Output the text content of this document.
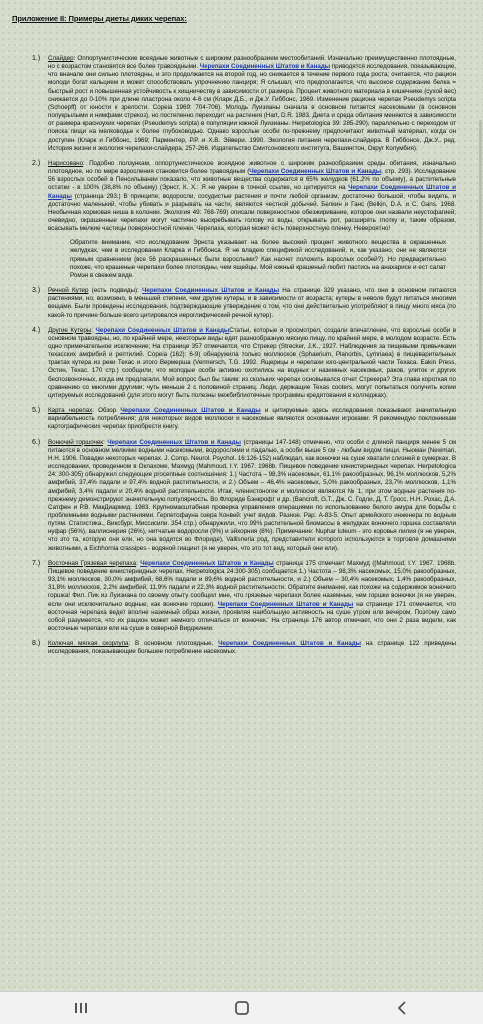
Приложение II: Примеры диеты диких черепах:
1.) Слайдер: Оппортунистические всеядные животные с широким разнообразием местообитаний. Изначально преимущественно плотоядные, но с возрастом становятся все более травоядными. Черепахи Соединенных Штатов и Канады приводятся исследования, показывающие, что вначале они сильно плотоядны, и это продолжается на второй год, но снижается в течение первого года роста; считается, что рацион молоди богат кальцием и может способствовать упрочнению панциря; Я слышал, что предполагается, что высокое содержание белка = быстрый рост и повышенная устойчивость к хищничеству в зависимости от размера. Процент животного материала в кишечнике (сухой вес) снижается до 0-10% при длине пластрона около 4-6 см (Кларк Д.Б., и Дж.У. Гиббонс, 1969. Изменение рациона черепах Pseudemys scripta (Schoepff) от юности к зрелости. Copeia 1969: 704-706). Молодь Луизианы сначала в основном питается насекомыми (в основном полукрылыми и нимфами стрекоз), но постепенно переходит на растения (Hart, D.R. 1983. Диета и среда обитания меняются в зависимости от размера красноухих черепах (Pseudemys scripta) в популяции южной Луизианы. Herpetologica 39: 285-290), параллельно с переходом от поиска пищи на мелководье к более глубоководью. Однако взрослые особи по-прежнему предпочитают животный материал, когда он доступен (Кларк и Гиббонс, 1969; Парментер, Р.Р. и Х.В. Эйвери. 1990. Экология питания черепахи-слайдера. В Гиббонсе, Дж.У., ред. История жизни и экология черепахи-слайдера, 257-266. Издательство Смитсоновского института, Вашингтон, Округ Колумбия).
2.) Нарисовано: Подобно ползункам, оппортунистическое всеядное животное с широким разнообразием среды обитания, изначально плотоядное, но по мере взросления становится более травоядным (Черепахи Соединенных Штатов и Канады, стр. 293). Исследование 56 взрослых особей в Пенсильвании показало, что животные вещества содержатся в 65% желудков (61,2% по объему), а растительные остатки - в 100% (38,8% по объему) (Эрнст, К. Х.: Я не уверен в точной ссылке, но цитируется на Черепахи Соединенных Штатов и Канады (страница 293.) В принципе, водоросли, сосудистые растения и почти любой организм, достаточно большой, чтобы видеть, и достаточно маленький, чтобы убивать и разрывать на части, являются честной добычей. Белкин и Ганс (Belkin, D.A. и C. Gans. 1968. Необычная кормовая ниша в колонии. Экология 49: 768-769) описали поверхностное обезжиривание, которое они назвали неустофагией; очевидно, окрашенные черепахи могут частично выскребывать голову из воды, открывать рот, расширять глотку и, таким образом, всасывать мелкие частицы поверхностной пленки. Черепаха, которая может есть поверхностную пленку. Невероятно!
Обратите внимание, что исследование Эрнста указывает на более высокий процент животного вещества в окрашенных желудках, чем в исследовании Кларка и Гиббонса. Я не владею спецификой исследований, и, как указано, они не являются прямым сравнением (все 56 раскрашенных были взрослыми? Как насчет положить взрослых особей?). Но предварительно похоже, что крашеные черепахи более плотоядны, чем ящейцы. Мой южный крашеный любит пастись на анахарисе и ест салат Ромэн в свежем виде.
3.) Речной Кутер (есть подвиды): Черепахи Соединенных Штатов и Канады На странице 329 указано, что они в основном питаются растениями, но, возможно, в меньшей степени, чем другие кутеры, и в зависимости от возраста; кутеры в неволе будут питаться многими вещами. Были проведены исследования, подтверждающие утверждение о том, что они действительно употребляют в пищу много мяса (по какой-то причине больше всего цитировался иероглифический речной кутер).
4.) Другие Кутеры: Черепахи Соединенных Штатов и КанадыСтатьи, которые я просмотрел, создали впечатление, что взрослые особи в основном травоядны, но, по крайней мере, некоторые виды едят разнообразную мясную пищу, по крайней мере, в молодом возрасте. Есть одно примечательное исключение; На странице 357 отмечается, что Стрекер (Strecker, J.K., 1927. Наблюдения за пищевыми привычками техасских амфибий и рептилий. Copeia (162): 6-9) обнаружила только моллюсков (Sphaerium, Planorbis, Lymnaea) в пищеварительных трактах кутера из реки Техас и этого Вермерша (Vermersch, T.G. 1992. Ящерицы и черепахи юго-центральной части Техаса. Eakin Press, Остин, Техас. 170 стр.) сообщили, что молодые особи активно охотились на водных и наземных насекомых, раков, улиток и других беспозвоночных, когда им предлагали. Мой вопрос был бы таким: из скольких черепах основывался отчет Стрекера? Эта глава короткая по сравнению со многими другими; чуть меньше 2 с половиной страниц. Люди, держащие Texas cooters, могут попытаться получить копии цитируемых исследований (для этого могут быть полезны межбиблиотечные программы кредитования в колледжах).
5.) Карта черепах: Обзор Черепахи Соединенных Штатов и Канады и цитируемые здесь исследования показывают значительную вариабельность потребления; для некоторых видов моллюски и насекомые являются основными игроками. Я рекомендую поклонникам картографических черепах приобрести книгу.
6.) Вонючий горшочек: Черепахи Соединенных Штатов и Канады (страницы 147-148) отмечено, что особи с длиной панциря менее 5 см питаются в основном мелкими водными насекомыми, водорослями и падалью, а особи выше 5 см - любым видом пищи. Ньюман (Newman, H.H. 1906. Повадки некоторых черепах. J. Comp. Neurol. Psychol. 16:126-152) наблюдал, как вонючки на суше хватали слизней в сумерках. В исследовании, проведенном в Оклахоме, Махмуд (Mahmoud, I.Y. 1967. 1968b. Пищевое поведение кинистернидных черепах. Herpetologica 24: 300-305) обнаружил следующие procentные соотношения: 1.) Частота – 98,3% насекомых, 61,1% ракообразных, 96,1% моллюсков, 5,2% амфибий, 37,4% падали и 97,4% водной растительности, и 2.) Объем – 46,4% насекомых, 5,0% ракообразных, 23,7% моллюсков, 1,1% амфибий, 3,4% падали и 20,4% водной растительности. Итак, членистоногие и моллюски являются № 1, при этом водные растения по-прежнему демонстрируют значительную популярность. Во Флориде Бэнкрофт и др. (Bancroft, G.T., Дж. С. Годли, Д. Т. Гросс, Н.Н. Рохас, Д.А. Сатфен и Р.В. МакДиармид. 1983. Крупномасштабная проверка управления операциями по использованию белого амура для борьбы с проблемными водными растениями. Герпетофауна озера Конвей: учет видов. Разное. Рар. А-83-5. Опыт армейского инженера по водным путям. Статистика., Виксбург, Миссисипи. 354 стр.) обнаружили, что 99% растительной биомассы в желудках вонючего горшка составляли нуфар (56%), валлиснерия (26%), нитчатые водоросли (9%) и эйхорния (8%). Примечание: Nuphar luteum - это коровья лилия (я не уверен, что это та, которую они ели, но она водится во Флориде), Vallisneria род, представители которого используются в торговле домашними животными, а Eichhornia crassipes - водяной гиацинт (я не уверен, что это тот вид, который они ели).
7.) Восточная Грязевая черепаха: Черепахи Соединенных Штатов и Канады страница 175 отмечает Махмуд ((Mahmoud, I.Y. 1967. 1968b. Пищевое поведение кинистернидных черепах. Herpetologica 24:300-305) сообщается 1.) Частота – 98,3% насекомых, 15,0% ракообразных, 93,1% моллюсков, 30,0% амфибий, 68,6% падали и 89,6% водной растительности, и 2.) Объем – 30,4% насекомых, 1,4% ракообразных, 31,8% моллюсков, 2,2% амфибий, 11,9% падали и 22,3% водной растительности. Обратите внимание, как похоже на содержимое вонючего горшка! Фил. Пик из Луизиана по своему опыту сообщил мне, что грязевые черепахи более наземные, чем горшки вонючки (я не уверен, если они исключительно водные, как вонючие горшки). Черепахи Соединенных Штатов и Канады на странице 171 отмечается, что восточная черепаха ведет вполне наземный образ жизни, проявляя наибольшую активность на суше утром или вечером. Поэтому само собой разумеется, что их рацион может немного отличаться от вонючек.' На странице 176 автор отмечает, что они 2 раза видели, как восточные черепахи ели на суше в северной Вирджинии.
8.) Колючая мягкая скорлупа: В основном плотоядные. Черепахи Соединенных Штатов и Канады на странице 122 приведены исследования, показывающие большее потребление насекомых.
